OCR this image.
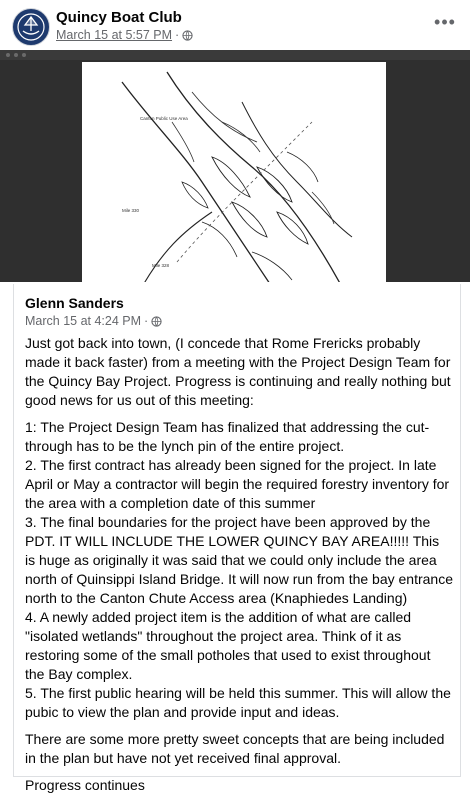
Quincy Boat Club
March 15 at 5:57 PM ·
•••
Canton Public Use Area
Mile 330
Mile 328
Glenn Sanders
March 15 at 4:24 PM ·

Just got back into town, (I concede that Rome Frericks probably made it back faster) from a meeting with the Project Design Team for the Quincy Bay Project. Progress is continuing and really nothing but good news for us out of this meeting:

1: The Project Design Team has finalized that addressing the cut-through has to be the lynch pin of the entire project.
2. The first contract has already been signed for the project. In late April or May a contractor will begin the required forestry inventory for the area with a completion date of this summer
3. The final boundaries for the project have been approved by the PDT. IT WILL INCLUDE THE LOWER QUINCY BAY AREA!!!!! This is huge as originally it was said that we could only include the area north of Quinsippi Island Bridge. It will now run from the bay entrance north to the Canton Chute Access area (Knaphiedes Landing)
4. A newly added project item is the addition of what are called "isolated wetlands" throughout the project area. Think of it as restoring some of the small potholes that used to exist throughout the Bay complex.
5. The first public hearing will be held this summer. This will allow the pubic to view the plan and provide input and ideas.

There are some more pretty sweet concepts that are being included in the plan but have not yet received final approval.

Progress continues
